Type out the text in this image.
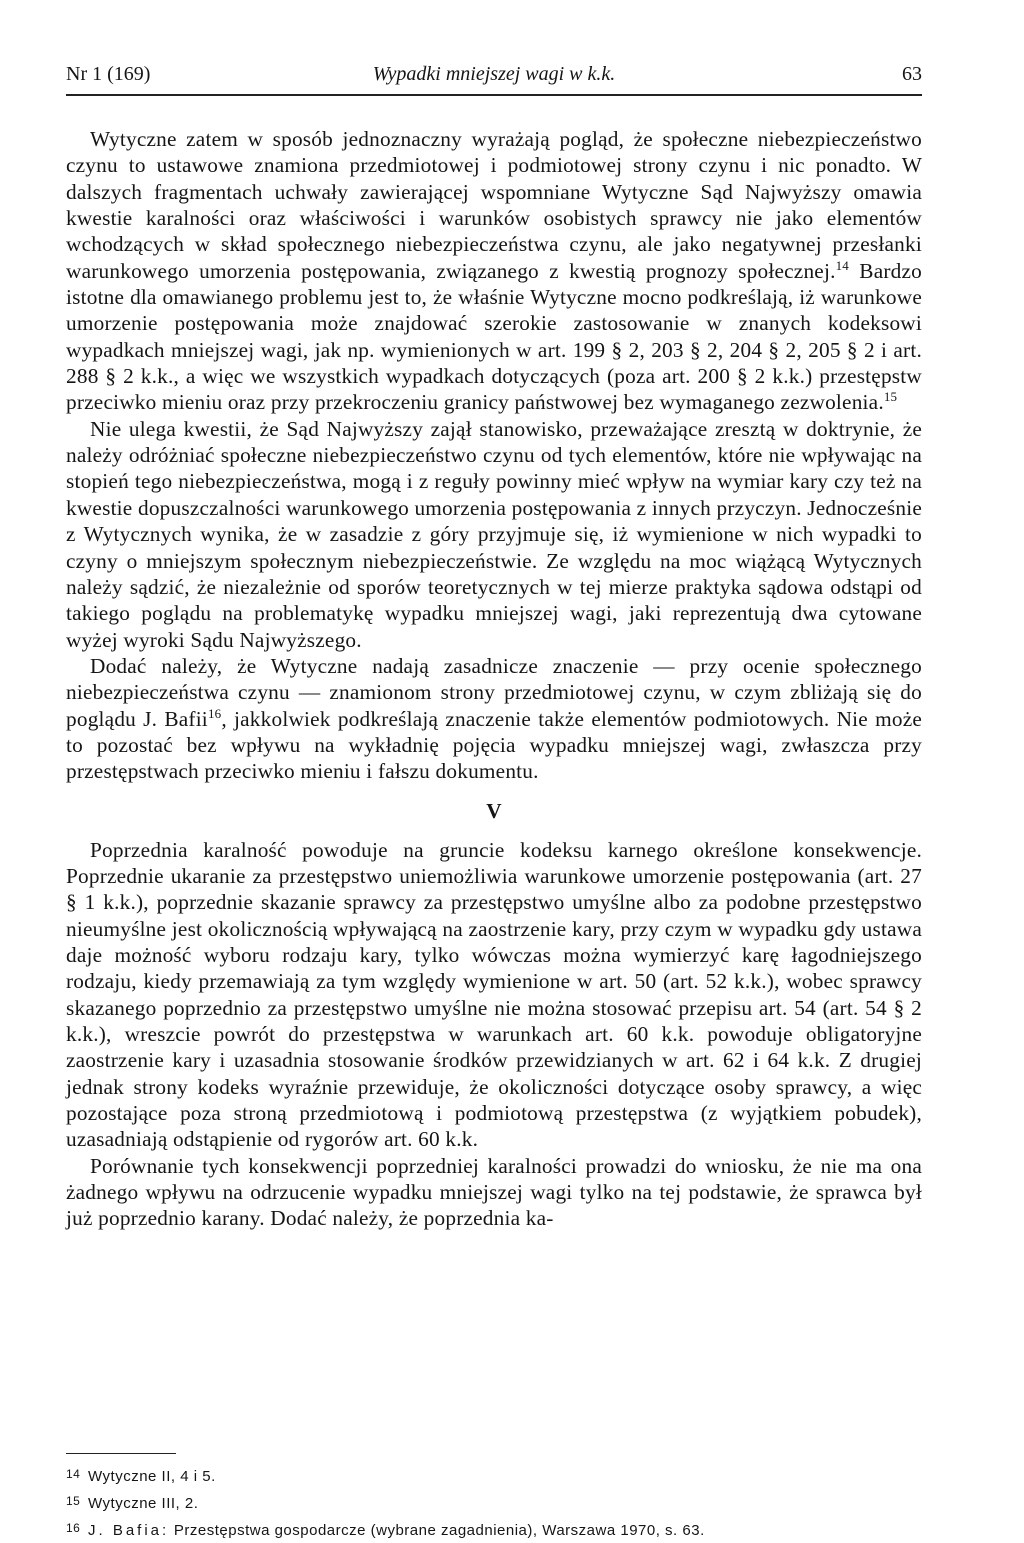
Nr 1 (169)	Wypadki mniejszej wagi w k.k.	63

Wytyczne zatem w sposób jednoznaczny wyrażają pogląd, że społeczne niebezpieczeństwo czynu to ustawowe znamiona przedmiotowej i podmiotowej strony czynu i nic ponadto. W dalszych fragmentach uchwały zawierającej wspomniane Wytyczne Sąd Najwyższy omawia kwestie karalności oraz właściwości i warunków osobistych sprawcy nie jako elementów wchodzących w skład społecznego niebezpieczeństwa czynu, ale jako negatywnej przesłanki warunkowego umorzenia postępowania, związanego z kwestią prognozy społecznej.$^{14}$ Bardzo istotne dla omawianego problemu jest to, że właśnie Wytyczne mocno podkreślają, iż warunkowe umorzenie postępowania może znajdować szerokie zastosowanie w znanych kodeksowi wypadkach mniejszej wagi, jak np. wymienionych w art. 199 § 2, 203 § 2, 204 § 2, 205 § 2 i art. 288 § 2 k.k., a więc we wszystkich wypadkach dotyczących (poza art. 200 § 2 k.k.) przestępstw przeciwko mieniu oraz przy przekroczeniu granicy państwowej bez wymaganego zezwolenia.$^{15}$

Nie ulega kwestii, że Sąd Najwyższy zajął stanowisko, przeważające zresztą w doktrynie, że należy odróżniać społeczne niebezpieczeństwo czynu od tych elementów, które nie wpływając na stopień tego niebezpieczeństwa, mogą i z reguły powinny mieć wpływ na wymiar kary czy też na kwestie dopuszczalności warunkowego umorzenia postępowania z innych przyczyn. Jednocześnie z Wytycznych wynika, że w zasadzie z góry przyjmuje się, iż wymienione w nich wypadki to czyny o mniejszym społecznym niebezpieczeństwie. Ze względu na moc wiążącą Wytycznych należy sądzić, że niezależnie od sporów teoretycznych w tej mierze praktyka sądowa odstąpi od takiego poglądu na problematykę wypadku mniejszej wagi, jaki reprezentują dwa cytowane wyżej wyroki Sądu Najwyższego.

Dodać należy, że Wytyczne nadają zasadnicze znaczenie — przy ocenie społecznego niebezpieczeństwa czynu — znamionom strony przedmiotowej czynu, w czym zbliżają się do poglądu J. Bafii$^{16}$, jakkolwiek podkreślają znaczenie także elementów podmiotowych. Nie może to pozostać bez wpływu na wykładnię pojęcia wypadku mniejszej wagi, zwłaszcza przy przestępstwach przeciwko mieniu i fałszu dokumentu.

V

Poprzednia karalność powoduje na gruncie kodeksu karnego określone konsekwencje. Poprzednie ukaranie za przestępstwo uniemożliwia warunkowe umorzenie postępowania (art. 27 § 1 k.k.), poprzednie skazanie sprawcy za przestępstwo umyślne albo za podobne przestępstwo nieumyślne jest okolicznością wpływającą na zaostrzenie kary, przy czym w wypadku gdy ustawa daje możność wyboru rodzaju kary, tylko wówczas można wymierzyć karę łagodniejszego rodzaju, kiedy przemawiają za tym względy wymienione w art. 50 (art. 52 k.k.), wobec sprawcy skazanego poprzednio za przestępstwo umyślne nie można stosować przepisu art. 54 (art. 54 § 2 k.k.), wreszcie powrót do przestępstwa w warunkach art. 60 k.k. powoduje obligatoryjne zaostrzenie kary i uzasadnia stosowanie środków przewidzianych w art. 62 i 64 k.k. Z drugiej jednak strony kodeks wyraźnie przewiduje, że okoliczności dotyczące osoby sprawcy, a więc pozostające poza stroną przedmiotową i podmiotową przestępstwa (z wyjątkiem pobudek), uzasadniają odstąpienie od rygorów art. 60 k.k.

Porównanie tych konsekwencji poprzedniej karalności prowadzi do wniosku, że nie ma ona żadnego wpływu na odrzucenie wypadku mniejszej wagi tylko na tej podstawie, że sprawca był już poprzednio karany. Dodać należy, że poprzednia ka-

14 Wytyczne II, 4 i 5.

15 Wytyczne III, 2.

16 J. Bafia: Przestępstwa gospodarcze (wybrane zagadnienia), Warszawa 1970, s. 63.
